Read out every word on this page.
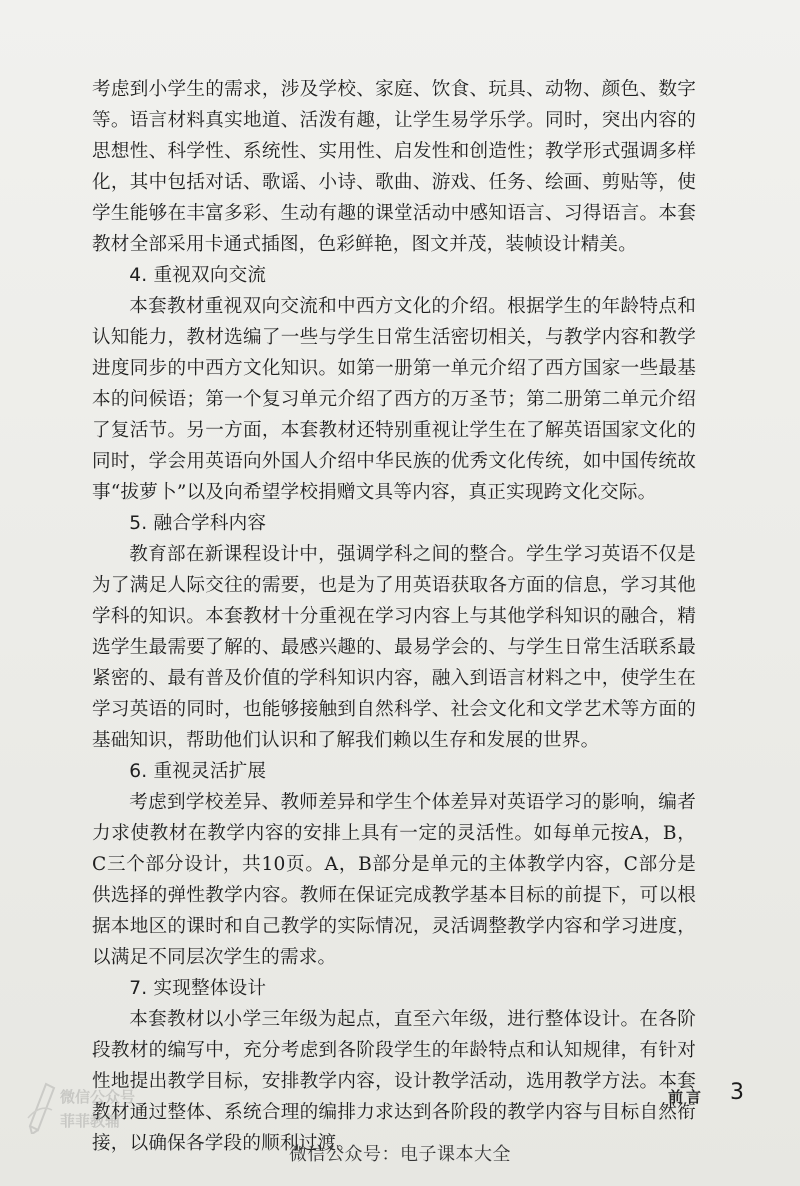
考虑到小学生的需求，涉及学校、家庭、饮食、玩具、动物、颜色、数字等。语言材料真实地道、活泼有趣，让学生易学乐学。同时，突出内容的思想性、科学性、系统性、实用性、启发性和创造性；教学形式强调多样化，其中包括对话、歌谣、小诗、歌曲、游戏、任务、绘画、剪贴等，使学生能够在丰富多彩、生动有趣的课堂活动中感知语言、习得语言。本套教材全部采用卡通式插图，色彩鲜艳，图文并茂，装帧设计精美。

4. 重视双向交流

本套教材重视双向交流和中西方文化的介绍。根据学生的年龄特点和认知能力，教材选编了一些与学生日常生活密切相关，与教学内容和教学进度同步的中西方文化知识。如第一册第一单元介绍了西方国家一些最基本的问候语；第一个复习单元介绍了西方的万圣节；第二册第二单元介绍了复活节。另一方面，本套教材还特别重视让学生在了解英语国家文化的同时，学会用英语向外国人介绍中华民族的优秀文化传统，如中国传统故事“拔萝卜”以及向希望学校捐赠文具等内容，真正实现跨文化交际。

5. 融合学科内容

教育部在新课程设计中，强调学科之间的整合。学生学习英语不仅是为了满足人际交往的需要，也是为了用英语获取各方面的信息，学习其他学科的知识。本套教材十分重视在学习内容上与其他学科知识的融合，精选学生最需要了解的、最感兴趣的、最易学会的、与学生日常生活联系最紧密的、最有普及价值的学科知识内容，融入到语言材料之中，使学生在学习英语的同时，也能够接触到自然科学、社会文化和文学艺术等方面的基础知识，帮助他们认识和了解我们赖以生存和发展的世界。

6. 重视灵活扩展

考虑到学校差异、教师差异和学生个体差异对英语学习的影响，编者力求使教材在教学内容的安排上具有一定的灵活性。如每单元按A，B，C三个部分设计，共10页。A，B部分是单元的主体教学内容，C部分是供选择的弹性教学内容。教师在保证完成教学基本目标的前提下，可以根据本地区的课时和自己教学的实际情况，灵活调整教学内容和学习进度，以满足不同层次学生的需求。

7. 实现整体设计

本套教材以小学三年级为起点，直至六年级，进行整体设计。在各阶段教材的编写中，充分考虑到各阶段学生的年龄特点和认知规律，有针对性地提出教学目标，安排教学内容，设计教学活动，选用教学方法。本套教材通过整体、系统合理的编排力求达到各阶段的教学内容与目标自然衔接，以确保各学段的顺利过渡。

微信公众号
菲菲教辅
前言 3
微信公众号：电子课本大全
